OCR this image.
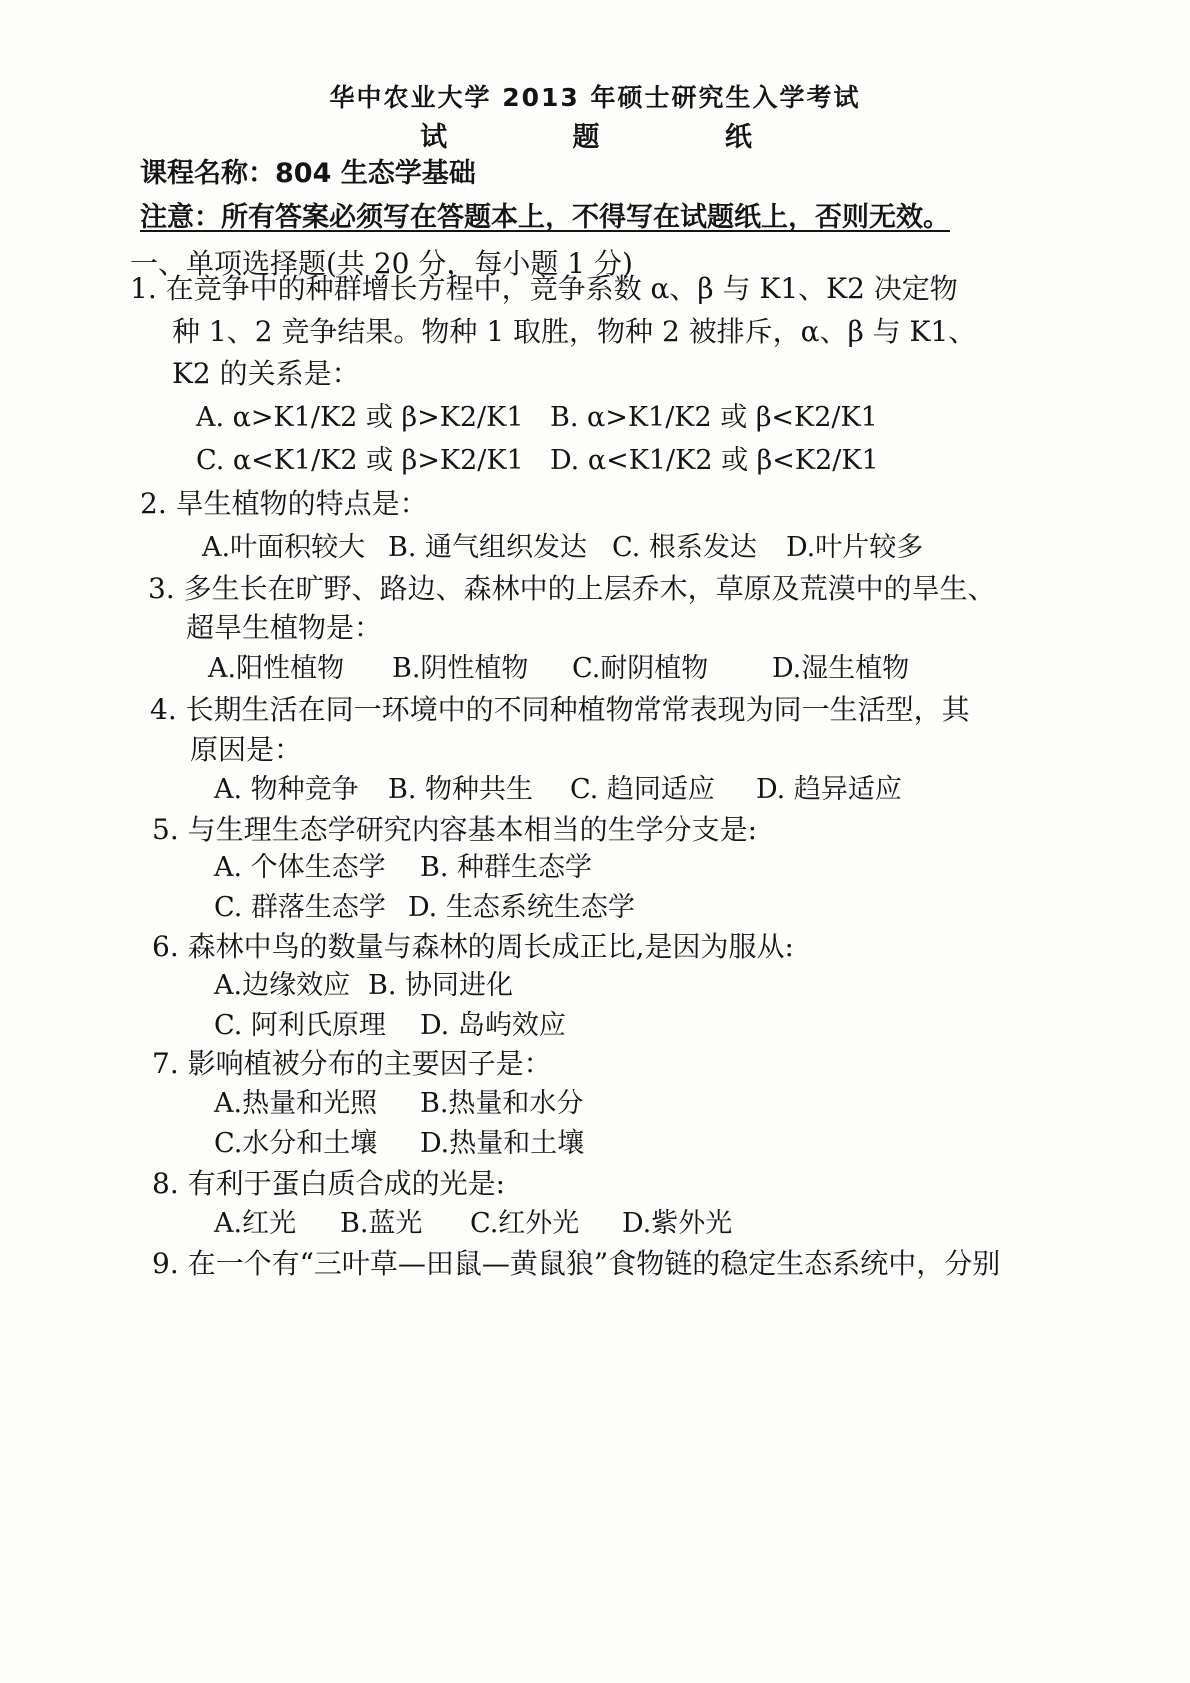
华中农业大学 2013 年硕士研究生入学考试
试 题 纸
课程名称：804 生态学基础
注意：所有答案必须写在答题本上，不得写在试题纸上，否则无效。
一、单项选择题(共 20 分，每小题 1 分)
1. 在竞争中的种群增长方程中，竞争系数 α、β 与 K1、K2 决定物
种 1、2 竞争结果。物种 1 取胜，物种 2 被排斥，α、β 与 K1、
K2 的关系是：
A. α>K1/K2 或 β>K2/K1 B. α>K1/K2 或 β<K2/K1
C. α<K1/K2 或 β>K2/K1 D. α<K1/K2 或 β<K2/K1
2. 旱生植物的特点是：
A.叶面积较大 B. 通气组织发达 C. 根系发达 D.叶片较多
3. 多生长在旷野、路边、森林中的上层乔木，草原及荒漠中的旱生、
超旱生植物是：
A.阳性植物 B.阴性植物 C.耐阴植物 D.湿生植物
4. 长期生活在同一环境中的不同种植物常常表现为同一生活型，其
原因是：
A. 物种竞争 B. 物种共生 C. 趋同适应 D. 趋异适应
5. 与生理生态学研究内容基本相当的生学分支是:
A. 个体生态学 B. 种群生态学
C. 群落生态学 D. 生态系统生态学
6. 森林中鸟的数量与森林的周长成正比,是因为服从:
A.边缘效应 B. 协同进化
C. 阿利氏原理 D. 岛屿效应
7. 影响植被分布的主要因子是：
A.热量和光照 B.热量和水分
C.水分和土壤 D.热量和土壤
8. 有利于蛋白质合成的光是:
A.红光 B.蓝光 C.红外光 D.紫外光
9. 在一个有“三叶草—田鼠—黄鼠狼”食物链的稳定生态系统中，分别
